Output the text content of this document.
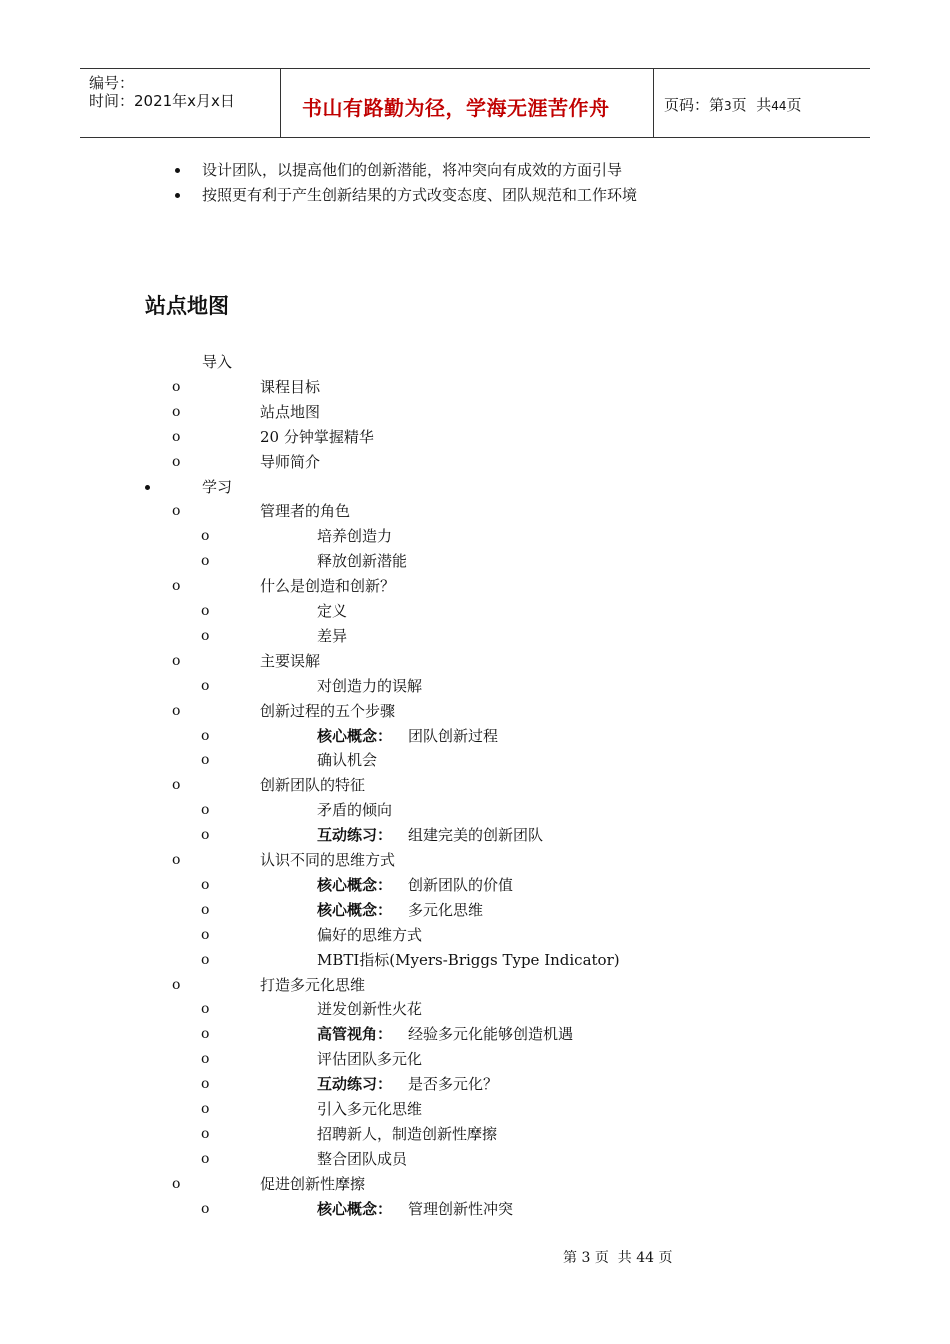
编号：
时间：2021年x月x日	书山有路勤为径，学海无涯苦作舟	页码：第3页  共44页
设计团队，以提高他们的创新潜能，将冲突向有成效的方面引导
按照更有利于产生创新结果的方式改变态度、团队规范和工作环境
站点地图
导入
o	课程目标
o	站点地图
o	20 分钟掌握精华
o	导师简介
学习
o	管理者的角色
o	培养创造力
o	释放创新潜能
o	什么是创造和创新？
o	定义
o	差异
o	主要误解
o	对创造力的误解
o	创新过程的五个步骤
o	核心概念： 团队创新过程
o	确认机会
o	创新团队的特征
o	矛盾的倾向
o	互动练习： 组建完美的创新团队
o	认识不同的思维方式
o	核心概念： 创新团队的价值
o	核心概念： 多元化思维
o	偏好的思维方式
o	MBTI指标(Myers-Briggs Type Indicator)
o	打造多元化思维
o	迸发创新性火花
o	高管视角： 经验多元化能够创造机遇
o	评估团队多元化
o	互动练习： 是否多元化？
o	引入多元化思维
o	招聘新人，制造创新性摩擦
o	整合团队成员
o	促进创新性摩擦
o	核心概念： 管理创新性冲突
第 3 页  共 44 页
